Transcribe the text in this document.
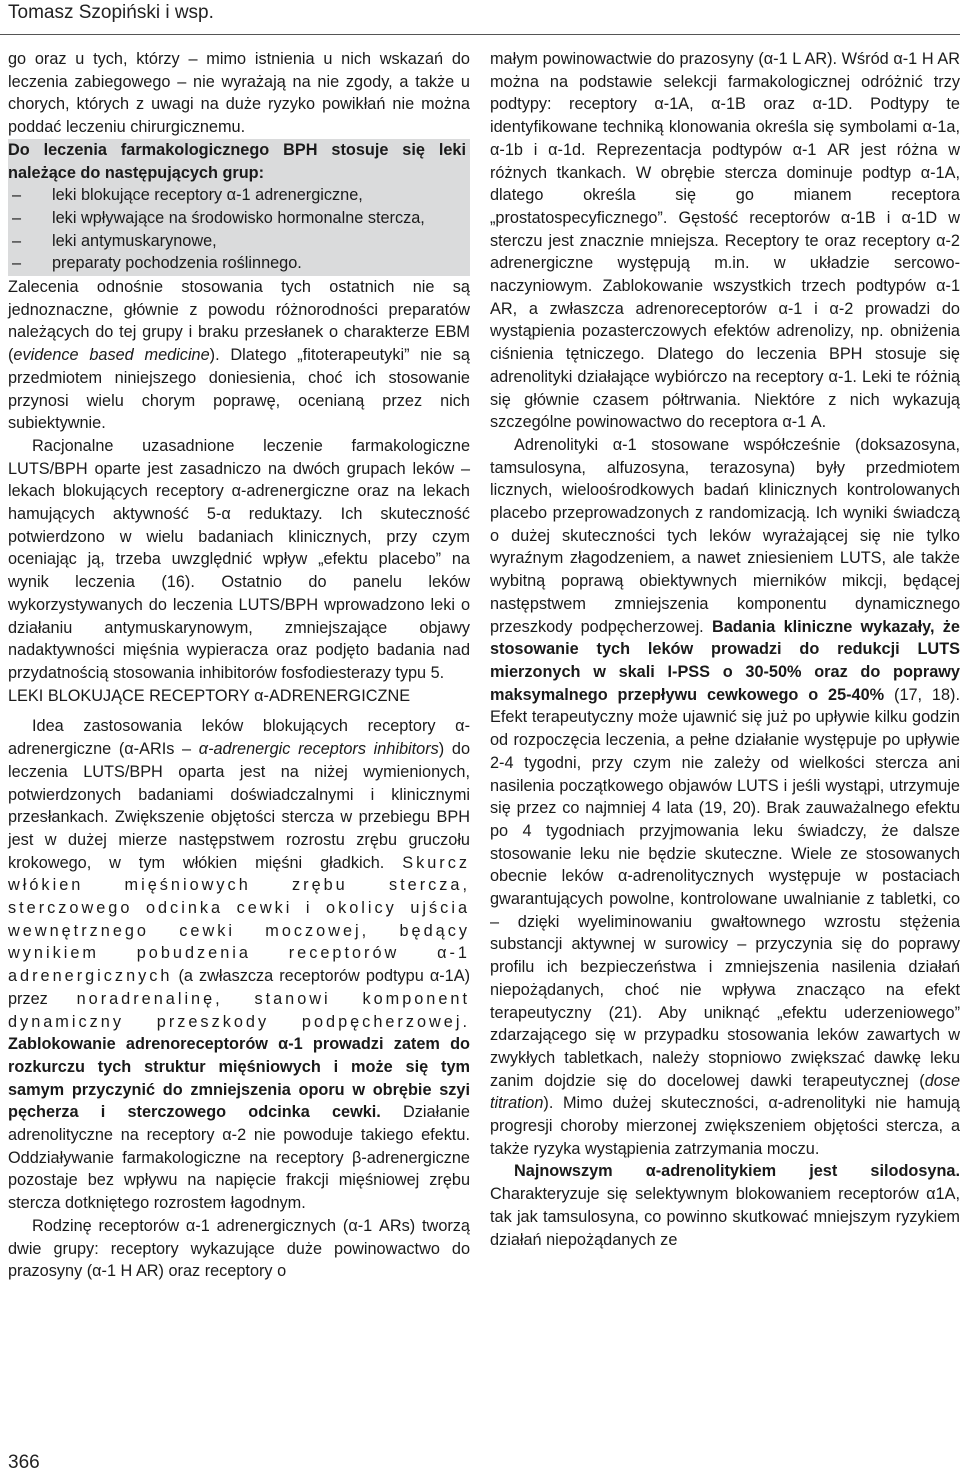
Tomasz Szopiński i wsp.

go oraz u tych, którzy – mimo istnienia u nich wskazań do leczenia zabiegowego – nie wyrażają na nie zgody, a także u chorych, których z uwagi na duże ryzyko powikłań nie można poddać leczeniu chirurgicznemu.

Do leczenia farmakologicznego BPH stosuje się leki należące do następujących grup:
– leki blokujące receptory α-1 adrenergiczne,
– leki wpływające na środowisko hormonalne stercza,
– leki antymuskarynowe,
– preparaty pochodzenia roślinnego.

Zalecenia odnośnie stosowania tych ostatnich nie są jednoznaczne, głównie z powodu różnorodności preparatów należących do tej grupy i braku przesłanek o charakterze EBM (evidence based medicine). Dlatego „fitoterapeutyki” nie są przedmiotem niniejszego doniesienia, choć ich stosowanie przynosi wielu chorym poprawę, ocenianą przez nich subiektywnie.

Racjonalne uzasadnione leczenie farmakologiczne LUTS/BPH oparte jest zasadniczo na dwóch grupach leków – lekach blokujących receptory α-adrenergiczne oraz na lekach hamujących aktywność 5-α reduktazy. Ich skuteczność potwierdzono w wielu badaniach klinicznych, przy czym oceniając ją, trzeba uwzględnić wpływ „efektu placebo” na wynik leczenia (16). Ostatnio do panelu leków wykorzystywanych do leczenia LUTS/BPH wprowadzono leki o działaniu antymuskarynowym, zmniejszające objawy nadaktywności mięśnia wypieracza oraz podjęto badania nad przydatnością stosowania inhibitorów fosfodiesterazy typu 5.

LEKI BLOKUJĄCE RECEPTORY α-ADRENERGICZNE

Idea zastosowania leków blokujących receptory α-adrenergiczne (α-ARIs – α-adrenergic receptors inhibitors) do leczenia LUTS/BPH oparta jest na niżej wymienionych, potwierdzonych badaniami doświadczalnymi i klinicznymi przesłankach. Zwiększenie objętości stercza w przebiegu BPH jest w dużej mierze następstwem rozrostu zrębu gruczołu krokowego, w tym włókien mięśni gładkich. Skurcz włókien mięśniowych zrębu stercza, sterczowego odcinka cewki i okolicy ujścia wewnętrznego cewki moczowej, będący wynikiem pobudzenia receptorów α-1 adrenergicznych (a zwłaszcza receptorów podtypu α-1A) przez noradrenalinę, stanowi komponent dynamiczny przeszkody podpęcherzowej. Zablokowanie adrenoreceptorów α-1 prowadzi zatem do rozkurczu tych struktur mięśniowych i może się tym samym przyczynić do zmniejszenia oporu w obrębie szyi pęcherza i sterczowego odcinka cewki. Działanie adrenolityczne na receptory α-2 nie powoduje takiego efektu. Oddziaływanie farmakologiczne na receptory β-adrenergiczne pozostaje bez wpływu na napięcie frakcji mięśniowej zrębu stercza dotkniętego rozrostem łagodnym.

Rodzinę receptorów α-1 adrenergicznych (α-1 ARs) tworzą dwie grupy: receptory wykazujące duże powinowactwo do prazosyny (α-1 H AR) oraz receptory o

małym powinowactwie do prazosyny (α-1 L AR). Wśród α-1 H AR można na podstawie selekcji farmakologicznej odróżnić trzy podtypy: receptory α-1A, α-1B oraz α-1D. Podtypy te identyfikowane techniką klonowania określa się symbolami α-1a, α-1b i α-1d. Reprezentacja podtypów α-1 AR jest różna w różnych tkankach. W obrębie stercza dominuje podtyp α-1A, dlatego określa się go mianem receptora „prostatospecyficznego”. Gęstość receptorów α-1B i α-1D w sterczu jest znacznie mniejsza. Receptory te oraz receptory α-2 adrenergiczne występują m.in. w układzie sercowo-naczyniowym. Zablokowanie wszystkich trzech podtypów α-1 AR, a zwłaszcza adrenoreceptorów α-1 i α-2 prowadzi do wystąpienia pozasterczowych efektów adrenolizy, np. obniżenia ciśnienia tętniczego. Dlatego do leczenia BPH stosuje się adrenolityki działające wybiórczo na receptory α-1. Leki te różnią się głównie czasem półtrwania. Niektóre z nich wykazują szczególne powinowactwo do receptora α-1 A.

Adrenolityki α-1 stosowane współcześnie (doksazosyna, tamsulosyna, alfuzosyna, terazosyna) były przedmiotem licznych, wieloośrodkowych badań klinicznych kontrolowanych placebo przeprowadzonych z randomizacją. Ich wyniki świadczą o dużej skuteczności tych leków wyrażającej się nie tylko wyraźnym złagodzeniem, a nawet zniesieniem LUTS, ale także wybitną poprawą obiektywnych mierników mikcji, będącej następstwem zmniejszenia komponentu dynamicznego przeszkody podpęcherzowej. Badania kliniczne wykazały, że stosowanie tych leków prowadzi do redukcji LUTS mierzonych w skali I-PSS o 30-50% oraz do poprawy maksymalnego przepływu cewkowego o 25-40% (17, 18). Efekt terapeutyczny może ujawnić się już po upływie kilku godzin od rozpoczęcia leczenia, a pełne działanie występuje po upływie 2-4 tygodni, przy czym nie zależy od wielkości stercza ani nasilenia początkowego objawów LUTS i jeśli wystąpi, utrzymuje się przez co najmniej 4 lata (19, 20). Brak zauważalnego efektu po 4 tygodniach przyjmowania leku świadczy, że dalsze stosowanie leku nie będzie skuteczne. Wiele ze stosowanych obecnie leków α-adrenolitycznych występuje w postaciach gwarantujących powolne, kontrolowane uwalnianie z tabletki, co – dzięki wyeliminowaniu gwałtownego wzrostu stężenia substancji aktywnej w surowicy – przyczynia się do poprawy profilu ich bezpieczeństwa i zmniejszenia nasilenia działań niepożądanych, choć nie wpływa znacząco na efekt terapeutyczny (21). Aby uniknąć „efektu uderzeniowego” zdarzającego się w przypadku stosowania leków zawartych w zwykłych tabletkach, należy stopniowo zwiększać dawkę leku zanim dojdzie się do docelowej dawki terapeutycznej (dose titration). Mimo dużej skuteczności, α-adrenolityki nie hamują progresji choroby mierzonej zwiększeniem objętości stercza, a także ryzyka wystąpienia zatrzymania moczu.

Najnowszym α-adrenolitykiem jest silodosyna. Charakteryzuje się selektywnym blokowaniem receptorów α1A, tak jak tamsulosyna, co powinno skutkować mniejszym ryzykiem działań niepożądanych ze

366
